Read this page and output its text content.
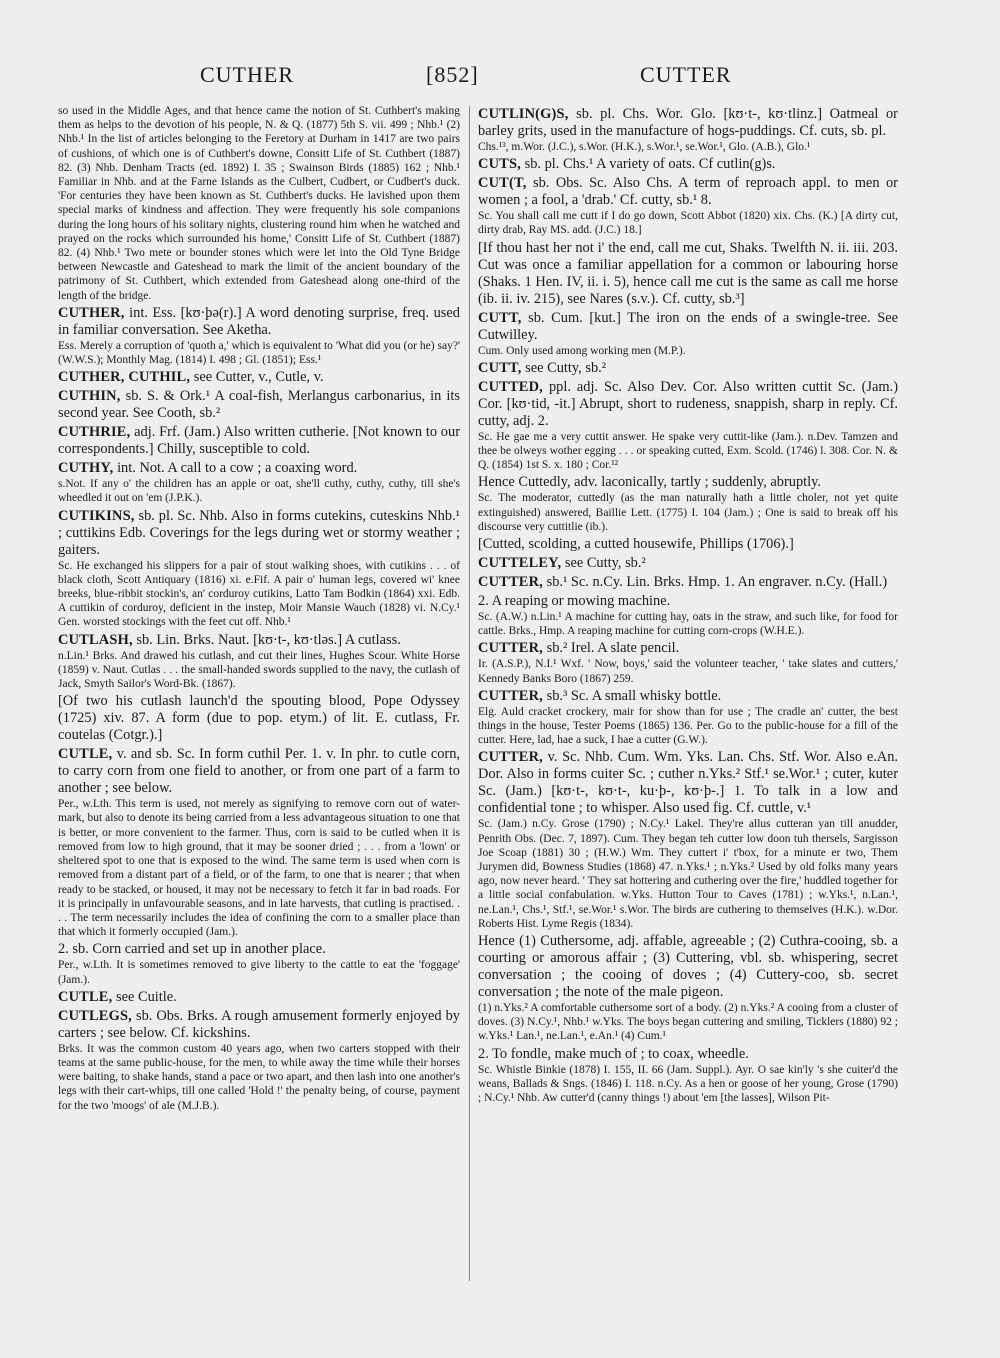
CUTHER	[852]	CUTTER

so used in the Middle Ages, and that hence came the notion of St. Cuthbert's making them as helps to the devotion of his people, N. & Q. (1877) 5th S. vii. 499 ; Nhb.¹ (2) Nhb.¹ In the list of articles belonging to the Feretory at Durham in 1417 are two pairs of cushions, of which one is of Cuthbert's downe, Consitt Life of St. Cuthbert (1887) 82. (3) Nhb. Denham Tracts (ed. 1892) I. 35 ; Swainson Birds (1885) 162 ; Nhb.¹ Familiar in Nhb. and at the Farne Islands as the Culbert, Cudbert, or Cudbert's duck. 'For centuries they have been known as St. Cuthbert's ducks. He lavished upon them special marks of kindness and affection. They were frequently his sole companions during the long hours of his solitary nights, clustering round him when he watched and prayed on the rocks which surrounded his home,' Consitt Life of St. Cuthbert (1887) 82. (4) Nhb.¹ Two mete or bounder stones which were let into the Old Tyne Bridge between Newcastle and Gateshead to mark the limit of the ancient boundary of the patrimony of St. Cuthbert, which extended from Gateshead along one-third of the length of the bridge.

CUTHER, int. Ess. [kʊ·þə(r).] A word denoting surprise, freq. used in familiar conversation. See Aketha.

Ess. Merely a corruption of 'quoth a,' which is equivalent to 'What did you (or he) say?' (W.W.S.); Monthly Mag. (1814) I. 498 ; Gl. (1851); Ess.¹

CUTHER, CUTHIL, see Cutter, v., Cutle, v.

CUTHIN, sb. S. & Ork.¹ A coal-fish, Merlangus carbonarius, in its second year. See Cooth, sb.²

CUTHRIE, adj. Frf. (Jam.) Also written cutherie. [Not known to our correspondents.] Chilly, susceptible to cold.

CUTHY, int. Not. A call to a cow ; a coaxing word.

s.Not. If any o' the children has an apple or oat, she'll cuthy, cuthy, cuthy, till she's wheedled it out on 'em (J.P.K.).

CUTIKINS, sb. pl. Sc. Nhb. Also in forms cutekins, cuteskins Nhb.¹ ; cuttikins Edb. Coverings for the legs during wet or stormy weather ; gaiters.

Sc. He exchanged his slippers for a pair of stout walking shoes, with cutikins . . . of black cloth, Scott Antiquary (1816) xi. e.Fif. A pair o' human legs, covered wi' knee breeks, blue-ribbit stockin's, an' corduroy cutikins, Latto Tam Bodkin (1864) xxi. Edb. A cuttikin of corduroy, deficient in the instep, Moir Mansie Wauch (1828) vi. N.Cy.¹ Gen. worsted stockings with the feet cut off. Nhb.¹

CUTLASH, sb. Lin. Brks. Naut. [kʊ·t-, kʊ·tləs.] A cutlass.

n.Lin.¹ Brks. And drawed his cutlash, and cut their lines, Hughes Scour. White Horse (1859) v. Naut. Cutlas . . . the small-handed swords supplied to the navy, the cutlash of Jack, Smyth Sailor's Word-Bk. (1867).

[Of two his cutlash launch'd the spouting blood, Pope Odyssey (1725) xiv. 87. A form (due to pop. etym.) of lit. E. cutlass, Fr. coutelas (Cotgr.).]

CUTLE, v. and sb. Sc. In form cuthil Per. 1. v. In phr. to cutle corn, to carry corn from one field to another, or from one part of a farm to another ; see below.

Per., w.Lth. This term is used, not merely as signifying to remove corn out of water-mark, but also to denote its being carried from a less advantageous situation to one that is better, or more convenient to the farmer. Thus, corn is said to be cutled when it is removed from low to high ground, that it may be sooner dried ; . . . from a 'lown' or sheltered spot to one that is exposed to the wind. The same term is used when corn is removed from a distant part of a field, or of the farm, to one that is nearer ; that when ready to be stacked, or housed, it may not be necessary to fetch it far in bad roads. For it is principally in unfavourable seasons, and in late harvests, that cutling is practised. . . . The term necessarily includes the idea of confining the corn to a smaller place than that which it formerly occupied (Jam.).

2. sb. Corn carried and set up in another place.

Per., w.Lth. It is sometimes removed to give liberty to the cattle to eat the 'foggage' (Jam.).

CUTLE, see Cuitle.

CUTLEGS, sb. Obs. Brks. A rough amusement formerly enjoyed by carters ; see below. Cf. kickshins.

Brks. It was the common custom 40 years ago, when two carters stopped with their teams at the same public-house, for the men, to while away the time while their horses were baiting, to shake hands, stand a pace or two apart, and then lash into one another's legs with their cart-whips, till one called 'Hold !' the penalty being, of course, payment for the two 'moogs' of ale (M.J.B.).

CUTLIN(G)S, sb. pl. Chs. Wor. Glo. [kʊ·t-, kʊ·tlinz.] Oatmeal or barley grits, used in the manufacture of hogs-puddings. Cf. cuts, sb. pl.

Chs.¹³, m.Wor. (J.C.), s.Wor. (H.K.), s.Wor.¹, se.Wor.¹, Glo. (A.B.), Glo.¹

CUTS, sb. pl. Chs.¹ A variety of oats. Cf cutlin(g)s.

CUT(T, sb. Obs. Sc. Also Chs. A term of reproach appl. to men or women ; a fool, a 'drab.' Cf. cutty, sb.¹ 8.

Sc. You shall call me cutt if I do go down, Scott Abbot (1820) xix. Chs. (K.) [A dirty cut, dirty drab, Ray MS. add. (J.C.) 18.]

[If thou hast her not i' the end, call me cut, Shaks. Twelfth N. ii. iii. 203. Cut was once a familiar appellation for a common or labouring horse (Shaks. 1 Hen. IV, ii. i. 5), hence call me cut is the same as call me horse (ib. ii. iv. 215), see Nares (s.v.). Cf. cutty, sb.³]

CUTT, sb. Cum. [kut.] The iron on the ends of a swingle-tree. See Cutwilley.

Cum. Only used among working men (M.P.).

CUTT, see Cutty, sb.²

CUTTED, ppl. adj. Sc. Also Dev. Cor. Also written cuttit Sc. (Jam.) Cor. [kʊ·tid, -it.] Abrupt, short to rudeness, snappish, sharp in reply. Cf. cutty, adj. 2.

Sc. He gae me a very cuttit answer. He spake very cuttit-like (Jam.). n.Dev. Tamzen and thee be olweys wother egging . . . or speaking cutted, Exm. Scold. (1746) l. 308. Cor. N. & Q. (1854) 1st S. x. 180 ; Cor.¹²

Hence Cuttedly, adv. laconically, tartly ; suddenly, abruptly.

Sc. The moderator, cuttedly (as the man naturally hath a little choler, not yet quite extinguished) answered, Baillie Lett. (1775) I. 104 (Jam.) ; One is said to break off his discourse very cuttitlie (ib.).

[Cutted, scolding, a cutted housewife, Phillips (1706).]

CUTTELEY, see Cutty, sb.²

CUTTER, sb.¹ Sc. n.Cy. Lin. Brks. Hmp. 1. An engraver. n.Cy. (Hall.)

2. A reaping or mowing machine.

Sc. (A.W.) n.Lin.¹ A machine for cutting hay, oats in the straw, and such like, for food for cattle. Brks., Hmp. A reaping machine for cutting corn-crops (W.H.E.).

CUTTER, sb.² Irel. A slate pencil.

Ir. (A.S.P.), N.I.¹ Wxf. ' Now, boys,' said the volunteer teacher, ' take slates and cutters,' Kennedy Banks Boro (1867) 259.

CUTTER, sb.³ Sc. A small whisky bottle.

Elg. Auld cracket crockery, mair for show than for use ; The cradle an' cutter, the best things in the house, Tester Poems (1865) 136. Per. Go to the public-house for a fill of the cutter. Here, lad, hae a suck, I hae a cutter (G.W.).

CUTTER, v. Sc. Nhb. Cum. Wm. Yks. Lan. Chs. Stf. Wor. Also e.An. Dor. Also in forms cuiter Sc. ; cuther n.Yks.² Stf.¹ se.Wor.¹ ; cuter, kuter Sc. (Jam.) [kʊ·t-, kʊ·t-, ku·þ-, kʊ·þ-.] 1. To talk in a low and confidential tone ; to whisper. Also used fig. Cf. cuttle, v.¹

Sc. (Jam.) n.Cy. Grose (1790) ; N.Cy.¹ Lakel. They're allus cutteran yan till anudder, Penrith Obs. (Dec. 7, 1897). Cum. They began teh cutter low doon tuh thersels, Sargisson Joe Scoap (1881) 30 ; (H.W.) Wm. They cuttert i' t'box, for a minute er two, Them Jurymen did, Bowness Studies (1868) 47. n.Yks.¹ ; n.Yks.² Used by old folks many years ago, now never heard. ' They sat hottering and cuthering over the fire,' huddled together for a little social confabulation. w.Yks. Hutton Tour to Caves (1781) ; w.Yks.¹, n.Lan.¹, ne.Lan.¹, Chs.¹, Stf.¹, se.Wor.¹ s.Wor. The birds are cuthering to themselves (H.K.). w.Dor. Roberts Hist. Lyme Regis (1834).

Hence (1) Cuthersome, adj. affable, agreeable ; (2) Cuthra-cooing, sb. a courting or amorous affair ; (3) Cuttering, vbl. sb. whispering, secret conversation ; the cooing of doves ; (4) Cuttery-coo, sb. secret conversation ; the note of the male pigeon.

(1) n.Yks.² A comfortable cuthersome sort of a body. (2) n.Yks.² A cooing from a cluster of doves. (3) N.Cy.¹, Nhb.¹ w.Yks. The boys began cuttering and smiling, Ticklers (1880) 92 ; w.Yks.¹ Lan.¹, ne.Lan.¹, e.An.¹ (4) Cum.¹

2. To fondle, make much of ; to coax, wheedle.

Sc. Whistle Binkie (1878) I. 155, II. 66 (Jam. Suppl.). Ayr. O sae kin'ly 's she cuiter'd the weans, Ballads & Sngs. (1846) I. 118. n.Cy. As a hen or goose of her young, Grose (1790) ; N.Cy.¹ Nhb. Aw cutter'd (canny things !) about 'em [the lasses], Wilson Pit-
